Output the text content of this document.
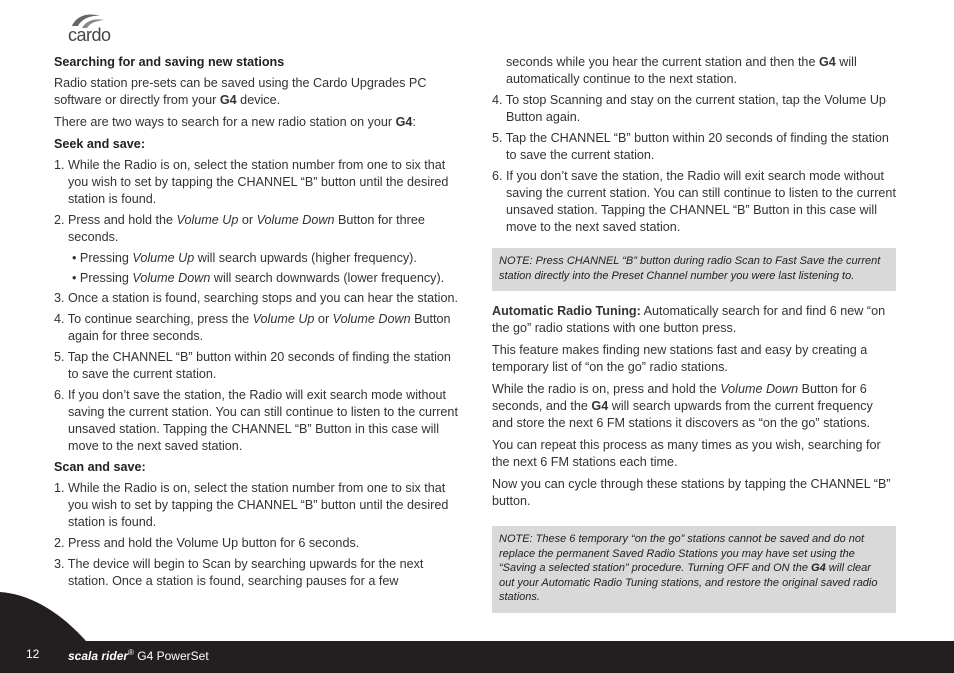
cardo

Searching for and saving new stations

Radio station pre-sets can be saved using the Cardo Upgrades PC software or directly from your G4 device.

There are two ways to search for a new radio station on your G4:

Seek and save:

1. While the Radio is on, select the station number from one to six that you wish to set by tapping the CHANNEL “B” button until the desired station is found.

2. Press and hold the Volume Up or Volume Down Button for three seconds.

• Pressing Volume Up will search upwards (higher frequency).

• Pressing Volume Down will search downwards (lower frequency).

3. Once a station is found, searching stops and you can hear the station.

4. To continue searching, press the Volume Up or Volume Down Button again for three seconds.

5. Tap the CHANNEL “B” button within 20 seconds of finding the station to save the current station.

6. If you don’t save the station, the Radio will exit search mode without saving the current station. You can still continue to listen to the current unsaved station. Tapping the CHANNEL “B” Button in this case will move to the next saved station.

Scan and save:

1. While the Radio is on, select the station number from one to six that you wish to set by tapping the CHANNEL “B” button until the desired station is found.

2. Press and hold the Volume Up button for 6 seconds.

3. The device will begin to Scan by searching upwards for the next station. Once a station is found, searching pauses for a few

seconds while you hear the current station and then the G4 will automatically continue to the next station.

4. To stop Scanning and stay on the current station, tap the Volume Up Button again.

5. Tap the CHANNEL “B” button within 20 seconds of finding the station to save the current station.

6. If you don’t save the station, the Radio will exit search mode without saving the current station. You can still continue to listen to the current unsaved station. Tapping the CHANNEL “B” Button in this case will move to the next saved station.

NOTE: Press CHANNEL “B” button during radio Scan to Fast Save the current station directly into the Preset Channel number you were last listening to.

Automatic Radio Tuning: Automatically search for and find 6 new “on the go” radio stations with one button press.

This feature makes finding new stations fast and easy by creating a temporary list of “on the go” radio stations.

While the radio is on, press and hold the Volume Down Button for 6 seconds, and the G4 will search upwards from the current frequency and store the next 6 FM stations it discovers as “on the go” stations.

You can repeat this process as many times as you wish, searching for the next 6 FM stations each time.

Now you can cycle through these stations by tapping the CHANNEL “B” button.

NOTE: These 6 temporary “on the go” stations cannot be saved and do not replace the permanent Saved Radio Stations you may have set using the “Saving a selected station” procedure. Turning OFF and ON the G4 will clear out your Automatic Radio Tuning stations, and restore the original saved radio stations.
12 scala rider® G4 PowerSet
